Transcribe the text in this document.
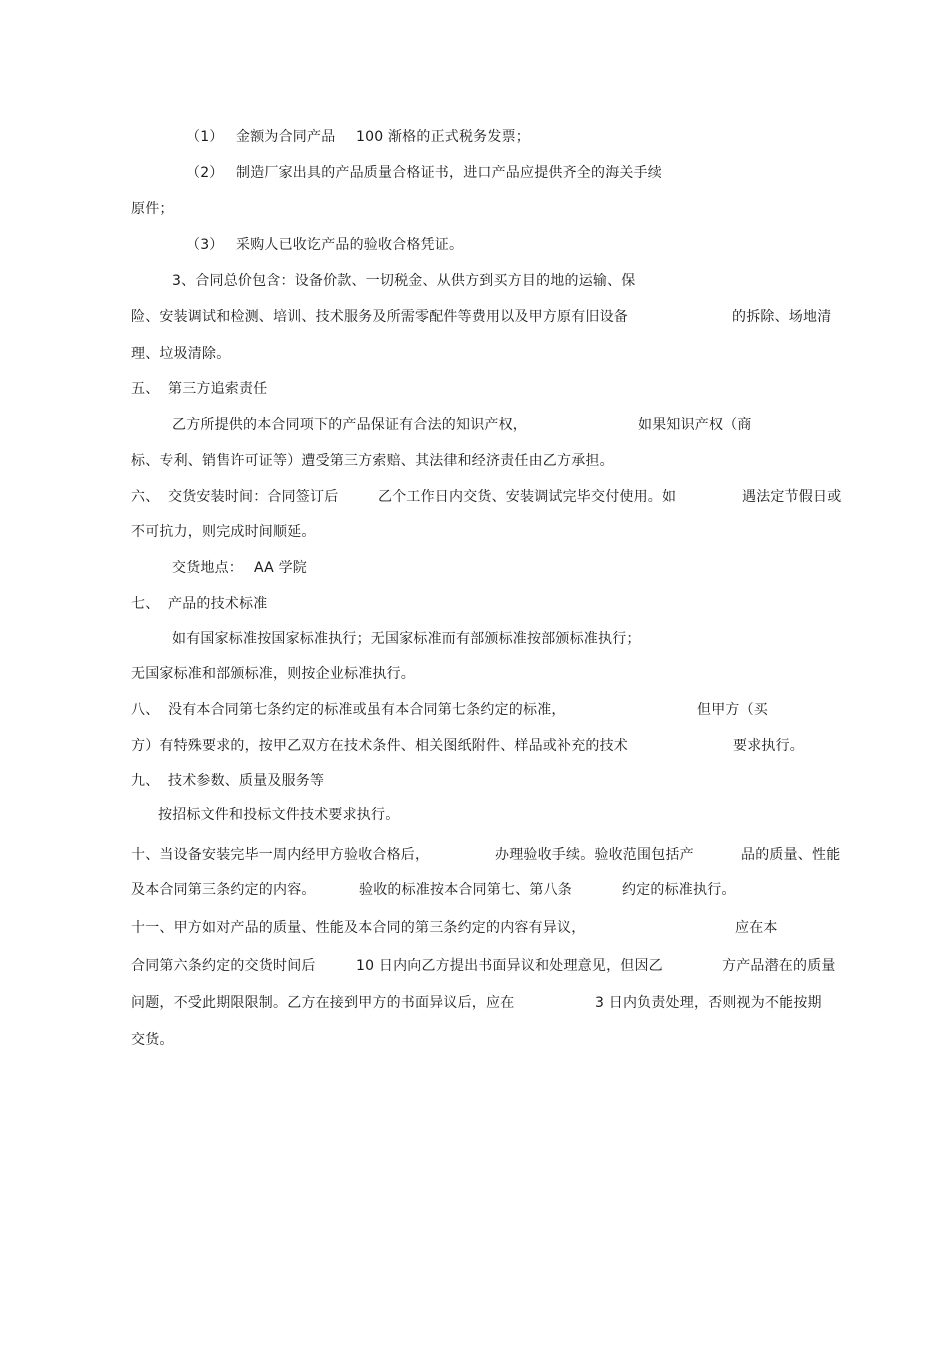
（1） 金额为合同产品 100 渐格的正式税务发票；
（2） 制造厂家出具的产品质量合格证书，进口产品应提供齐全的海关手续
原件；
（3） 采购人已收讫产品的验收合格凭证。
3、合同总价包含：设备价款、一切税金、从供方到买方目的地的运输、保
险、安装调试和检测、培训、技术服务及所需零配件等费用以及甲方原有旧设备	的拆除、场地清
理、垃圾清除。
五、 第三方追索责任
乙方所提供的本合同项下的产品保证有合法的知识产权，	如果知识产权（商
标、专利、销售许可证等）遭受第三方索赔、其法律和经济责任由乙方承担。
六、 交货安装时间：合同签订后	乙个工作日内交货、安装调试完毕交付使用。如	遇法定节假日或
不可抗力，则完成时间顺延。
交货地点： AA 学院
七、 产品的技术标准
如有国家标准按国家标准执行；无国家标准而有部颁标准按部颁标准执行；
无国家标准和部颁标准，则按企业标准执行。
八、 没有本合同第七条约定的标准或虽有本合同第七条约定的标准，	但甲方（买
方）有特殊要求的，按甲乙双方在技术条件、相关图纸附件、样品或补充的技术	要求执行。
九、 技术参数、质量及服务等
按招标文件和投标文件技术要求执行。
十、当设备安装完毕一周内经甲方验收合格后，	办理验收手续。验收范围包括产	品的质量、性能
及本合同第三条约定的内容。	验收的标准按本合同第七、第八条	约定的标准执行。
十一、甲方如对产品的质量、性能及本合同的第三条约定的内容有异议，	应在本
合同第六条约定的交货时间后	10 日内向乙方提出书面异议和处理意见，但因乙	方产品潜在的质量
问题，不受此期限限制。乙方在接到甲方的书面异议后，应在	3 日内负责处理，否则视为不能按期
交货。
